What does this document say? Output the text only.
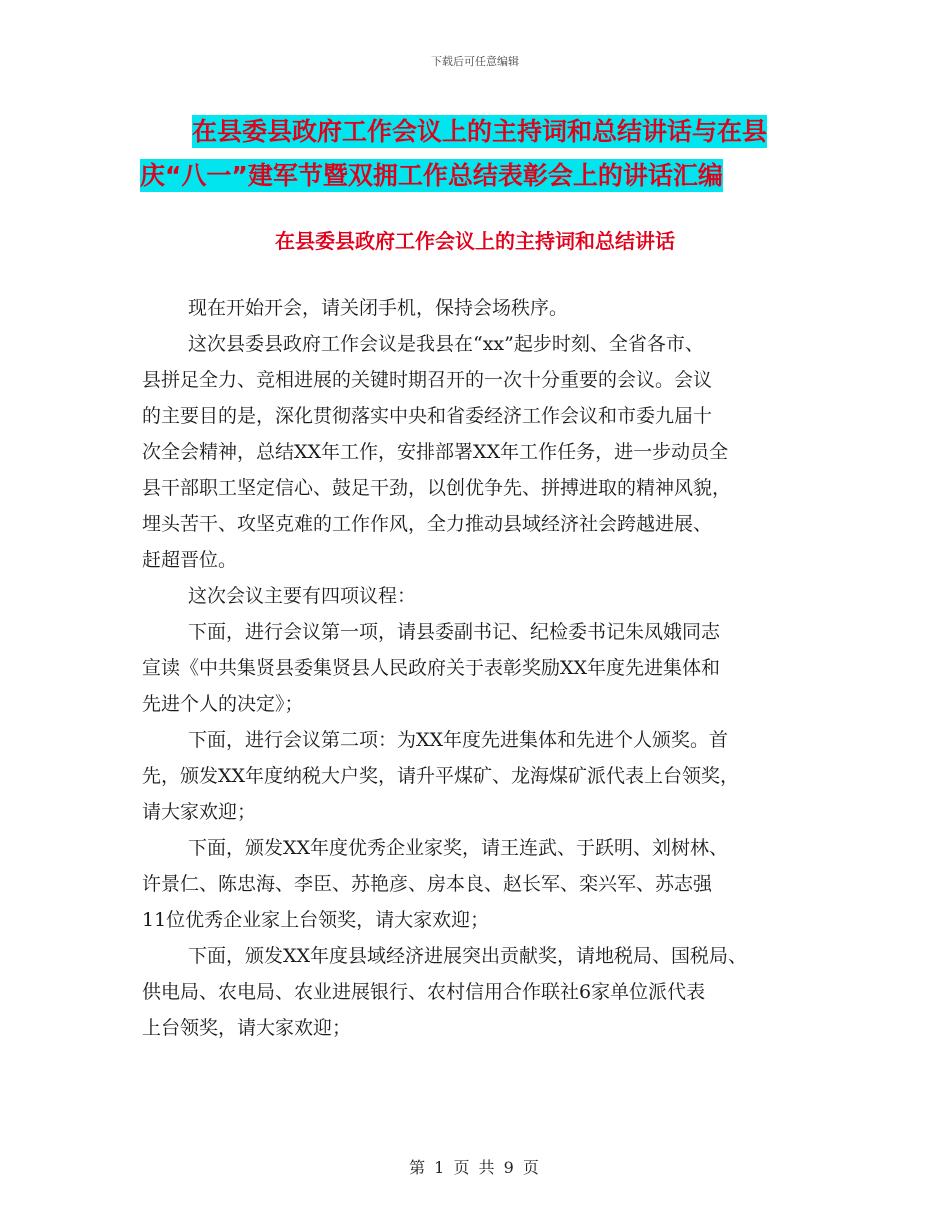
下载后可任意编辑
在县委县政府工作会议上的主持词和总结讲话与在县
庆“八一”建军节暨双拥工作总结表彰会上的讲话汇编
在县委县政府工作会议上的主持词和总结讲话

现在开始开会，请关闭手机，保持会场秩序。

这次县委县政府工作会议是我县在“xx”起步时刻、全省各市、

县拼足全力、竞相进展的关键时期召开的一次十分重要的会议。会议

的主要目的是，深化贯彻落实中央和省委经济工作会议和市委九届十

次全会精神，总结XX年工作，安排部署XX年工作任务，进一步动员全

县干部职工坚定信心、鼓足干劲，以创优争先、拼搏进取的精神风貌，

埋头苦干、攻坚克难的工作作风，全力推动县域经济社会跨越进展、

赶超晋位。

这次会议主要有四项议程：

下面，进行会议第一项，请县委副书记、纪检委书记朱凤娥同志

宣读《中共集贤县委集贤县人民政府关于表彰奖励XX年度先进集体和

先进个人的决定》；

下面，进行会议第二项：为XX年度先进集体和先进个人颁奖。首

先，颁发XX年度纳税大户奖，请升平煤矿、龙海煤矿派代表上台领奖，

请大家欢迎；

下面，颁发XX年度优秀企业家奖，请王连武、于跃明、刘树林、

许景仁、陈忠海、李臣、苏艳彦、房本良、赵长军、栾兴军、苏志强

11位优秀企业家上台领奖，请大家欢迎；

下面，颁发XX年度县域经济进展突出贡献奖，请地税局、国税局、

供电局、农电局、农业进展银行、农村信用合作联社6家单位派代表

上台领奖，请大家欢迎；

第 1 页 共 9 页
